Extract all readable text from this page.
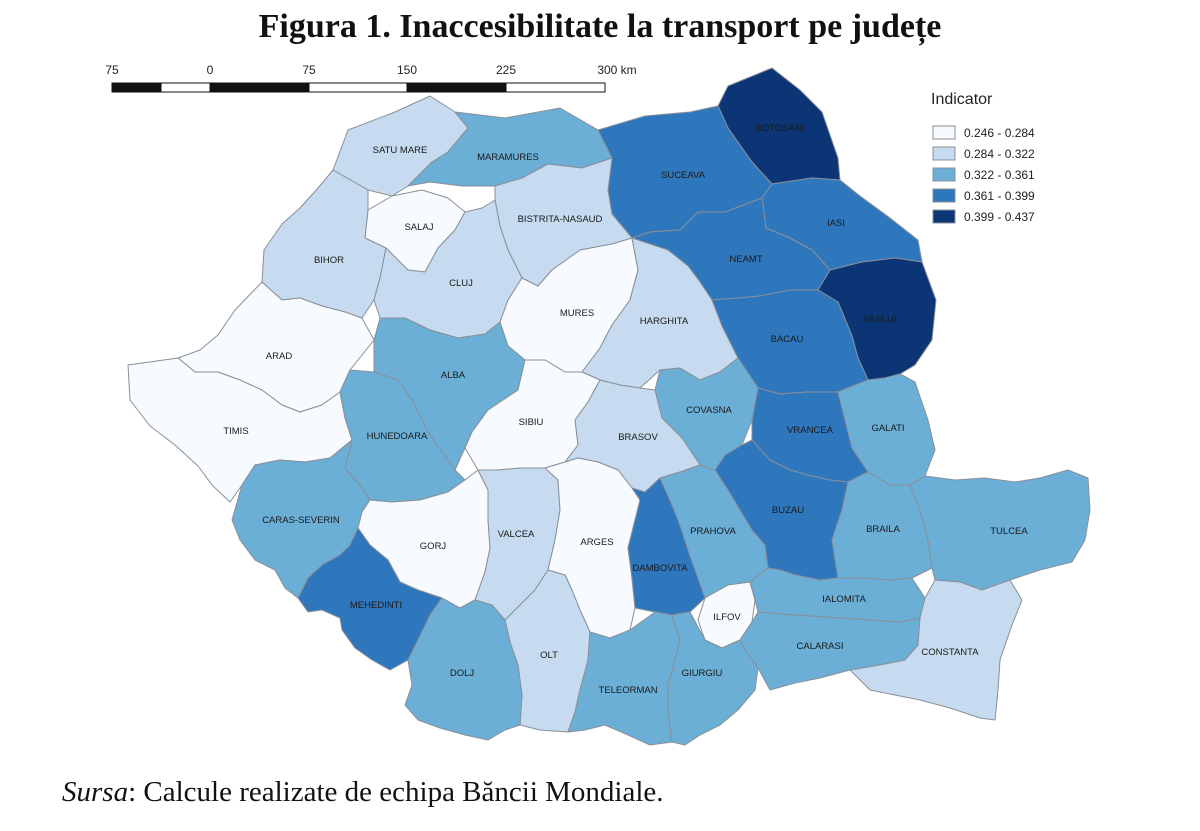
Figura 1. Inaccesibilitate la transport pe județe
75	0	75	150	225	300 km
SATU MARE
MARAMURES
BOTOSANI
SUCEAVA
SALAJ
BISTRITA-NASAUD	IASI
BIHOR
CLUJ
NEAMT
MURES
HARGHITA	VASLUI
ARAD
BACAU
ALBA
TIMIS
SIBIU
HUNEDOARA
COVASNA
BRASOV
VRANCEA	GALATI
CARAS-SEVERIN
GORJ
VALCEA
ARGES
DAMBOVITA
PRAHOVA
BUZAU
BRAILA	TULCEA
MEHEDINTI
ILFOV
IALOMITA
CALARASI
OLT
DOLJ
TELEORMAN
GIURGIU
CONSTANTA
Indicator
0.246 - 0.284
0.284 - 0.322
0.322 - 0.361
0.361 - 0.399
0.399 - 0.437
Sursa: Calcule realizate de echipa Băncii Mondiale.
